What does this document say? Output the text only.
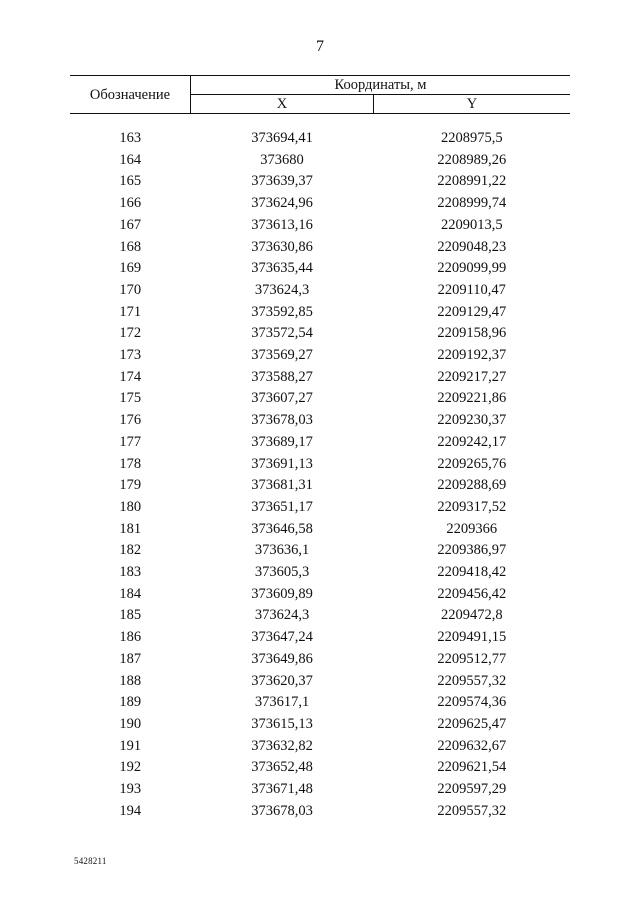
7
Обозначение	Координаты, м	
	X	Y

163	373694,41	2208975,5
164	373680	2208989,26
165	373639,37	2208991,22
166	373624,96	2208999,74
167	373613,16	2209013,5
168	373630,86	2209048,23
169	373635,44	2209099,99
170	373624,3	2209110,47
171	373592,85	2209129,47
172	373572,54	2209158,96
173	373569,27	2209192,37
174	373588,27	2209217,27
175	373607,27	2209221,86
176	373678,03	2209230,37
177	373689,17	2209242,17
178	373691,13	2209265,76
179	373681,31	2209288,69
180	373651,17	2209317,52
181	373646,58	2209366
182	373636,1	2209386,97
183	373605,3	2209418,42
184	373609,89	2209456,42
185	373624,3	2209472,8
186	373647,24	2209491,15
187	373649,86	2209512,77
188	373620,37	2209557,32
189	373617,1	2209574,36
190	373615,13	2209625,47
191	373632,82	2209632,67
192	373652,48	2209621,54
193	373671,48	2209597,29
194	373678,03	2209557,32
5428211
